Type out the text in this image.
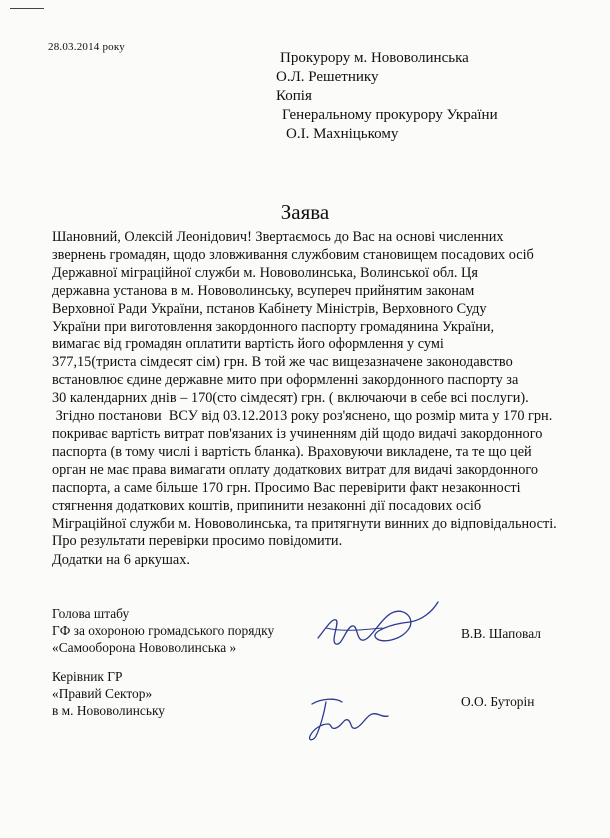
28.03.2014 року
Прокурору м. Нововолинська
О.Л. Решетнику
Копія
Генеральному прокурору України
О.І. Махніцькому
Заява
Шановний, Олексій Леонідович! Звертаємось до Вас на основі численних
звернень громадян, щодо зловживання службовим становищем посадових осіб
Державної міграційної служби м. Нововолинська, Волинської обл. Ця
державна установа в м. Нововолинську, всупереч прийнятим законам
Верховної Ради України, пстанов Кабінету Міністрів, Верховного Суду
України при виготовлення закордонного паспорту громадянина України,
вимагає від громадян оплатити вартість його оформлення у сумі
377,15(триста сімдесят сім) грн. В той же час вищезазначене законодавство
встановлює єдине державне мито при оформленні закордонного паспорту за
30 календарних днів – 170(сто сімдесят) грн. ( включаючи в себе всі послуги).
Згідно постанови  ВСУ від 03.12.2013 року роз'яснено, що розмір мита у 170 грн.
покриває вартість витрат пов'язаних із учиненням дій щодо видачі закордонного
паспорта (в тому числі і вартість бланка). Враховуючи викладене, та те що цей
орган не має права вимагати оплату додаткових витрат для видачі закордонного
паспорта, а саме більше 170 грн. Просимо Вас перевірити факт незаконності
стягнення додаткових коштів, припинити незаконні дії посадових осіб
Міграційної служби м. Нововолинська, та притягнути винних до відповідальності.
Про результати перевірки просимо повідомити.
Додатки на 6 аркушах.
Голова штабу
ГФ за охороною громадського порядку
«Самооборона Нововолинська »
В.В. Шаповал
Керівник ГР
«Правий Сектор»
в м. Нововолинську
О.О. Буторін
